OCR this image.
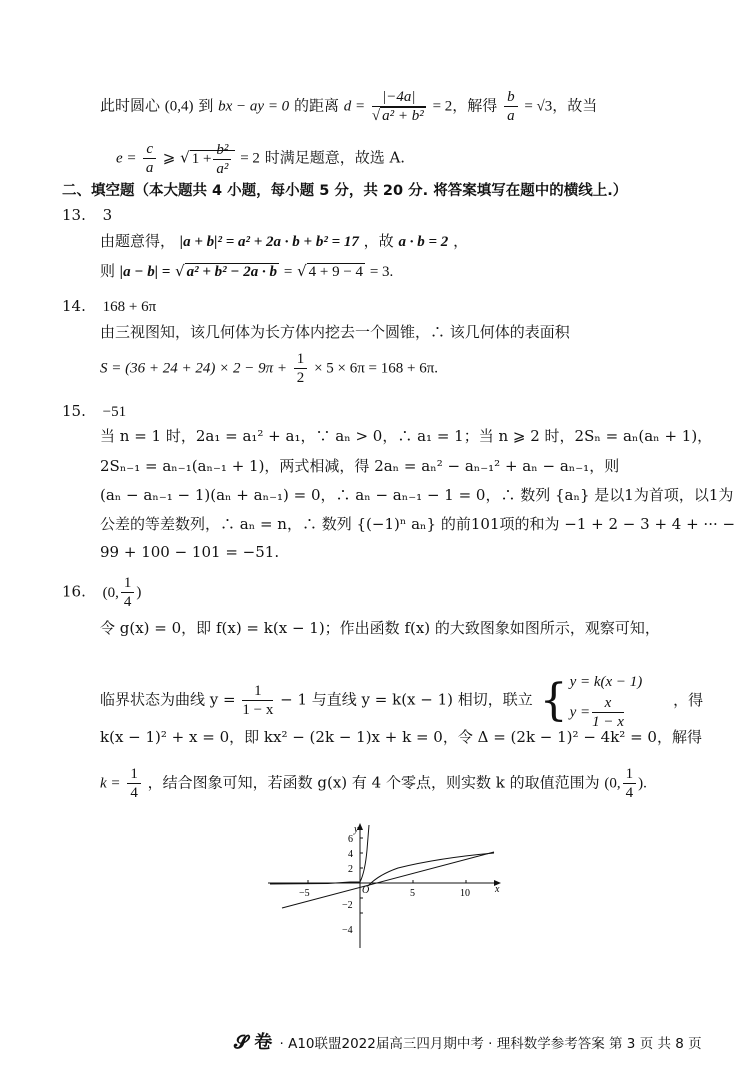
此时圆心 (0,4) 到 bx − ay = 0 的距离 $d = \frac{|-4a|}{\text{√ a² + b²}} = 2$，解得 $\frac{b}{a} = √3$，故当
$e = \frac{c}{a}$ ⩾ √ $1 + \frac{\text{b²}}{\text{a²}} = 2$ 时满足题意，故选 A.
二、填空题（本大题共 4 小题，每小题 5 分，共 20 分. 将答案填写在题中的横线上.）
13. 3
由题意得， |a + b|² = a² + 2a · b + b² = 17 ，故 a · b = 2 ，
则 |a − b| = √ a² + b² − 2a · b = √ 4 + 9 − 4 = 3.
14. 168 + 6π
由三视图知，该几何体为长方体内挖去一个圆锥，∴ 该几何体的表面积
$S = (36 + 24 + 24) \times 2 - 9\pi + \frac{1}{2} \times 5 \times 6\pi = 168 + 6\pi$.
15. −51
当 n = 1 时，2a₁ = a₁² + a₁，∵ aₙ > 0，∴ a₁ = 1；当 n ⩾ 2 时，2Sₙ = aₙ(aₙ + 1)，
2Sₙ₋₁ = aₙ₋₁(aₙ₋₁ + 1)，两式相减，得 2aₙ = aₙ² − aₙ₋₁² + aₙ − aₙ₋₁，则
(aₙ − aₙ₋₁ − 1)(aₙ + aₙ₋₁) = 0，∴ aₙ − aₙ₋₁ − 1 = 0，∴ 数列 {aₙ} 是以1为首项，以1为
公差的等差数列，∴ aₙ = n，∴ 数列 {(−1)ⁿ aₙ} 的前101项的和为 −1 + 2 − 3 + 4 + ··· −
99 + 100 − 101 = −51.
16. (0, $\frac{1}{4}$ )
令 g(x) = 0，即 f(x) = k(x − 1)；作出函数 f(x) 的大致图象如图所示，观察可知，
临界状态为曲线 $y = \frac{1}{1 - x} - 1$ 与直线 y = k(x − 1) 相切，联立 { y = k(x − 1)
$y = \frac{x}{1 - x}$	，得
k(x − 1)² + x = 0，即 kx² − (2k − 1)x + k = 0，令 Δ = (2k − 1)² − 4k² = 0，解得
$k = \frac{1}{4}$ ，结合图象可知，若函数 g(x) 有 4 个零点，则实数 k 的取值范围为 (0, $\frac{1}{4}$ ).
y
x
O
6
4
2
−2
−4
−5	5	10
𝓢 卷 · A10联盟2022届高三四月期中考 · 理科数学参考答案 第 3 页 共 8 页
